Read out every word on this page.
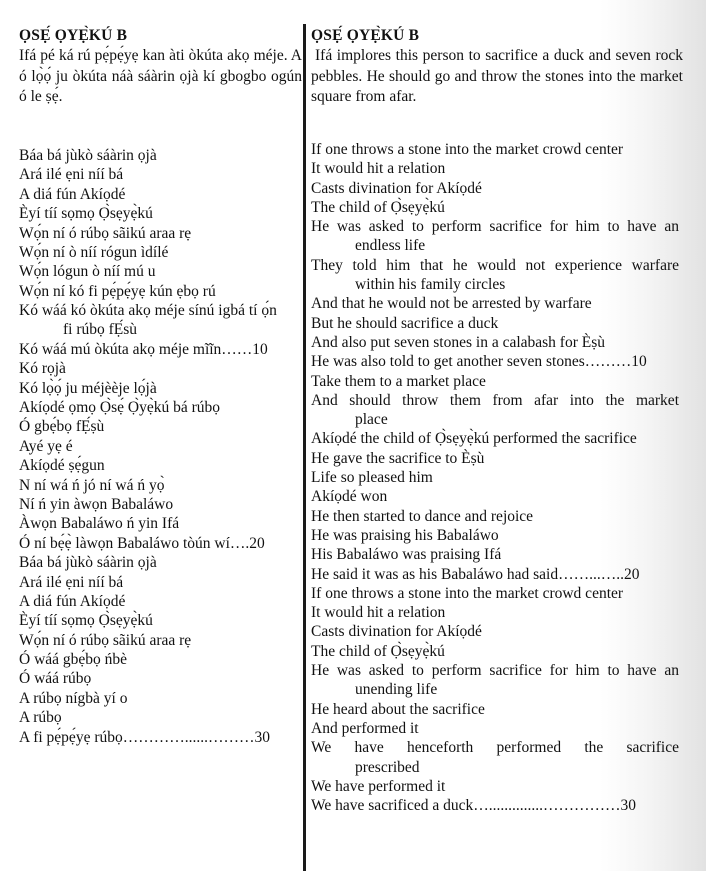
ỌSẸ́ ỌYẸ̀KÚ B

Ifá pé ká rú pẹ́pẹ́yẹ kan àti òkúta akọ méje. A ó lọ̀ọ́ ju òkúta náà sáàrin ọjà kí gbogbo ogún ó le ṣẹ́.

Báa bá jùkò sáàrin ọjà
Ará ilé ẹni níí bá
A diá fún Akíọdé
Èyí tíí sọmọ Ọ̀sẹyẹ̀kú
Wọ́n ní ó rúbọ sãikú araa rẹ
Wọ́n ní ò níí rógun ìdílé
Wọ́n lógun ò níí mú u
Wọ́n ní kó fi pẹ́pẹ́yẹ kún ẹbọ rú
Kó wáá kó òkúta akọ méje sínú igbá tí ọ́n
fi rúbọ fẸ́sù
Kó wáá mú òkúta akọ méje mĩĩn……10
Kó rọjà
Kó lọ̀ọ́ ju méjèèje lọ́jà
Akíọdé ọmọ Ọ̀sẹ́ Ọ̀yẹ̀kú bá rúbọ
Ó gbẹ́bọ fẸ́ṣù
Ayé yẹ é
Akíọdé ṣẹ́gun
N ní wá ń jó ní wá ń yọ̀
Ní ń yin àwọn Babaláwo
Àwọn Babaláwo ń yin Ifá
Ó ní bẹ́ẹ̀ làwọn Babaláwo tòún wí….20
Báa bá jùkò sáàrin ọjà
Ará ilé ẹni níí bá
A diá fún Akíọdé
Èyí tíí sọmọ Ọ̀sẹyẹ̀kú
Wọ́n ní ó rúbọ sãikú araa rẹ
Ó wáá gbẹ́bọ ńbè
Ó wáá rúbọ
A rúbọ nígbà yí o
A rúbọ
A fi pẹ́pẹ́yẹ rúbọ…………......………30
ỌSẸ́ ỌYẸ̀KÚ B

Ifá implores this person to sacrifice a duck and seven rock pebbles. He should go and throw the stones into the market square from afar.

If one throws a stone into the market crowd center
It would hit a relation
Casts divination for Akíọdé
The child of Ọ̀sẹyẹ̀kú
He was asked to perform sacrifice for him to have an
endless life
They told him that he would not experience warfare
within his family circles
And that he would not be arrested by warfare
But he should sacrifice a duck
And also put seven stones in a calabash for Èṣù
He was also told to get another seven stones………10
Take them to a market place
And should throw them from afar into the market
place
Akíọdé the child of Ọ̀sẹyẹ̀kú performed the sacrifice
He gave the sacrifice to Èṣù
Life so pleased him
Akíọdé won
He then started to dance and rejoice
He was praising his Babaláwo
His Babaláwo was praising Ifá
He said it was as his Babaláwo had said……...…..20
If one throws a stone into the market crowd center
It would hit a relation
Casts divination for Akíọdé
The child of Ọ̀sẹyẹ̀kú
He was asked to perform sacrifice for him to have an
unending life
He heard about the sacrifice
And performed it
We have henceforth performed the sacrifice
prescribed
We have performed it
We have sacrificed a duck…..............……………30
